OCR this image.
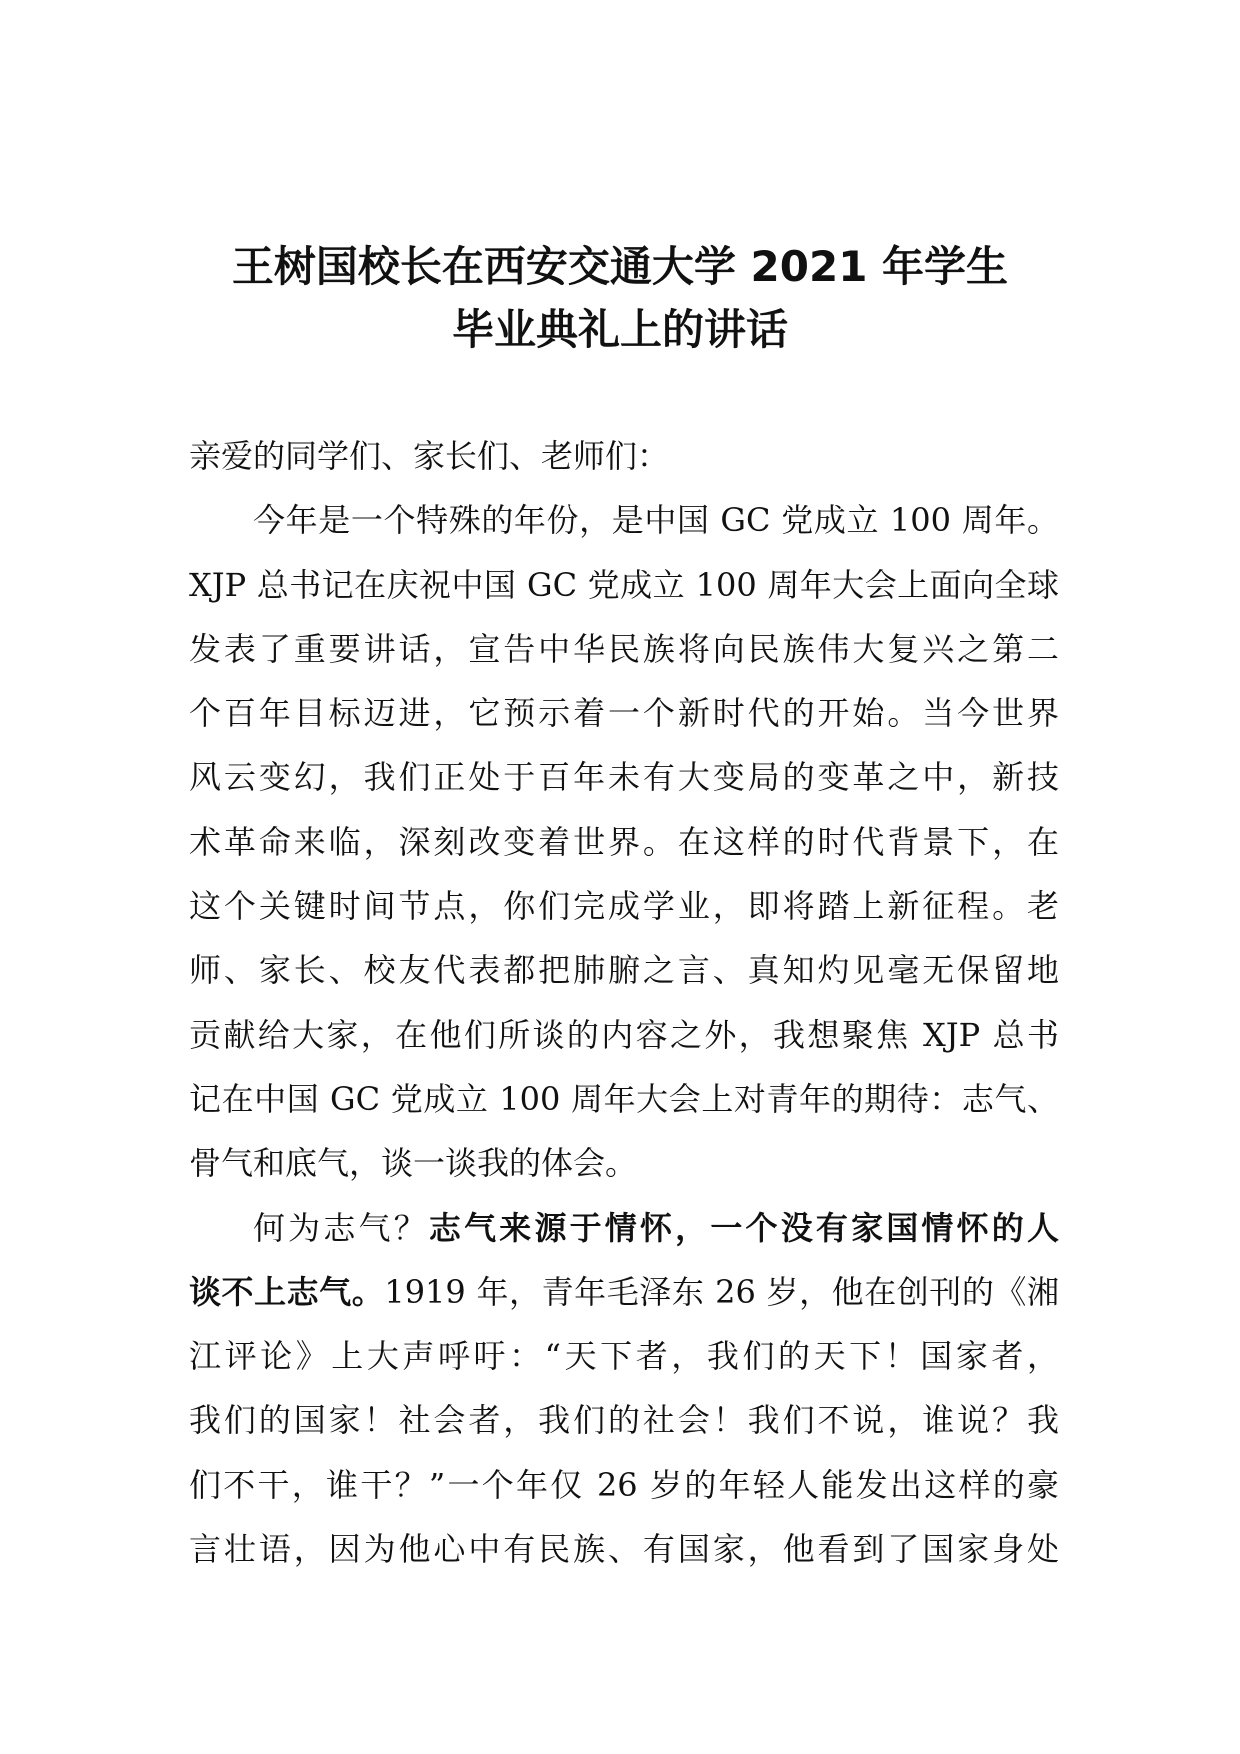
王树国校长在西安交通大学 2021 年学生
毕业典礼上的讲话
亲爱的同学们、家长们、老师们：
今年是一个特殊的年份，是中国 GC 党成立 100 周年。
XJP 总书记在庆祝中国 GC 党成立 100 周年大会上面向全球
发表了重要讲话，宣告中华民族将向民族伟大复兴之第二
个百年目标迈进，它预示着一个新时代的开始。当今世界
风云变幻，我们正处于百年未有大变局的变革之中，新技
术革命来临，深刻改变着世界。在这样的时代背景下，在
这个关键时间节点，你们完成学业，即将踏上新征程。老
师、家长、校友代表都把肺腑之言、真知灼见毫无保留地
贡献给大家，在他们所谈的内容之外，我想聚焦 XJP 总书
记在中国 GC 党成立 100 周年大会上对青年的期待：志气、
骨气和底气，谈一谈我的体会。
何为志气？志气来源于情怀，一个没有家国情怀的人
谈不上志气。1919 年，青年毛泽东 26 岁，他在创刊的《湘
江评论》上大声呼吁：“天下者，我们的天下！国家者，
我们的国家！社会者，我们的社会！我们不说，谁说？我
们不干，谁干？”一个年仅 26 岁的年轻人能发出这样的豪
言壮语，因为他心中有民族、有国家，他看到了国家身处
